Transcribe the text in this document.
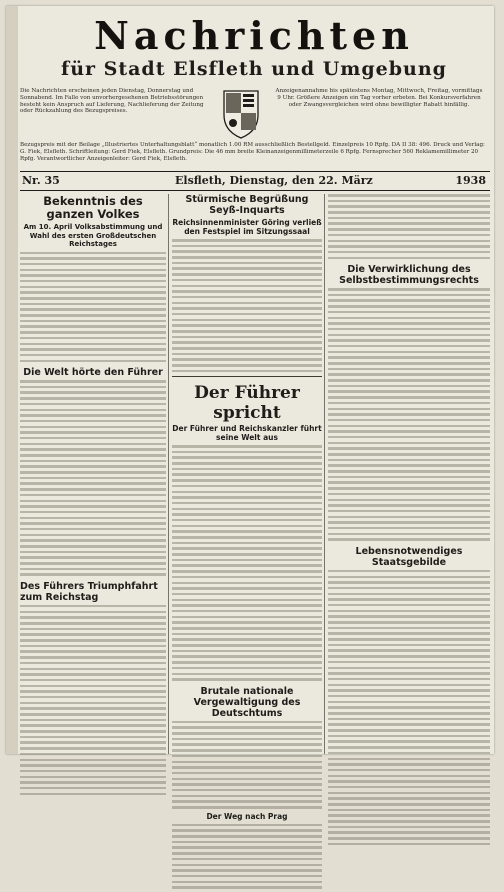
Nachrichten
für Stadt Elsfleth und Umgebung
Die Nachrichten erscheinen jeden Dienstag, Donnerstag und Sonnabend. Im Falle von unvorhergesehenen Betriebsstörungen besteht kein Anspruch auf Lieferung, Nachlieferung der Zeitung oder Rückzahlung des Bezugspreises.
Anzeigenannahme bis spätestens Montag, Mittwoch, Freitag, vormittags 9 Uhr. Größere Anzeigen ein Tag vorher erbeten. Bei Konkursverfahren oder Zwangsvergleichen wird ohne bewilligter Rabatt hinfällig.
Bezugspreis mit der Beilage „Illustriertes Unterhaltungsblatt“ monatlich 1.00 RM ausschließlich Bestellgeld. Einzelpreis 10 Rpfg. DA II 38: 496. Druck und Verlag: G. Fiek, Elsfleth. Schriftleitung: Gerd Fiek, Elsfleth. Grundpreis: Die 46 mm breite Kleinanzeigenmillimeterzeile 6 Rpfg. Fernsprecher 560 Reklamemillimeter 20 Rpfg. Verantwortlicher Anzeigenleiter: Gerd Fiek, Elsfleth.
Nr. 35	Elsfleth, Dienstag, den 22. März	1938
Bekenntnis des ganzen Volkes
Am 10. April Volksabstimmung und Wahl des ersten Großdeutschen Reichstages
Die Welt hörte den Führer
Des Führers Triumphfahrt zum Reichstag
Stürmische Begrüßung Seyß-Inquarts
Reichsinnenminister Göring verließ den Festspiel im Sitzungssaal
Der Führer spricht
Der Führer und Reichskanzler führt seine Welt aus
Brutale nationale Vergewaltigung des Deutschtums
Der Weg nach Prag
Die Verwirklichung des Selbstbestimmungsrechts
Lebensnotwendiges Staatsgebilde
